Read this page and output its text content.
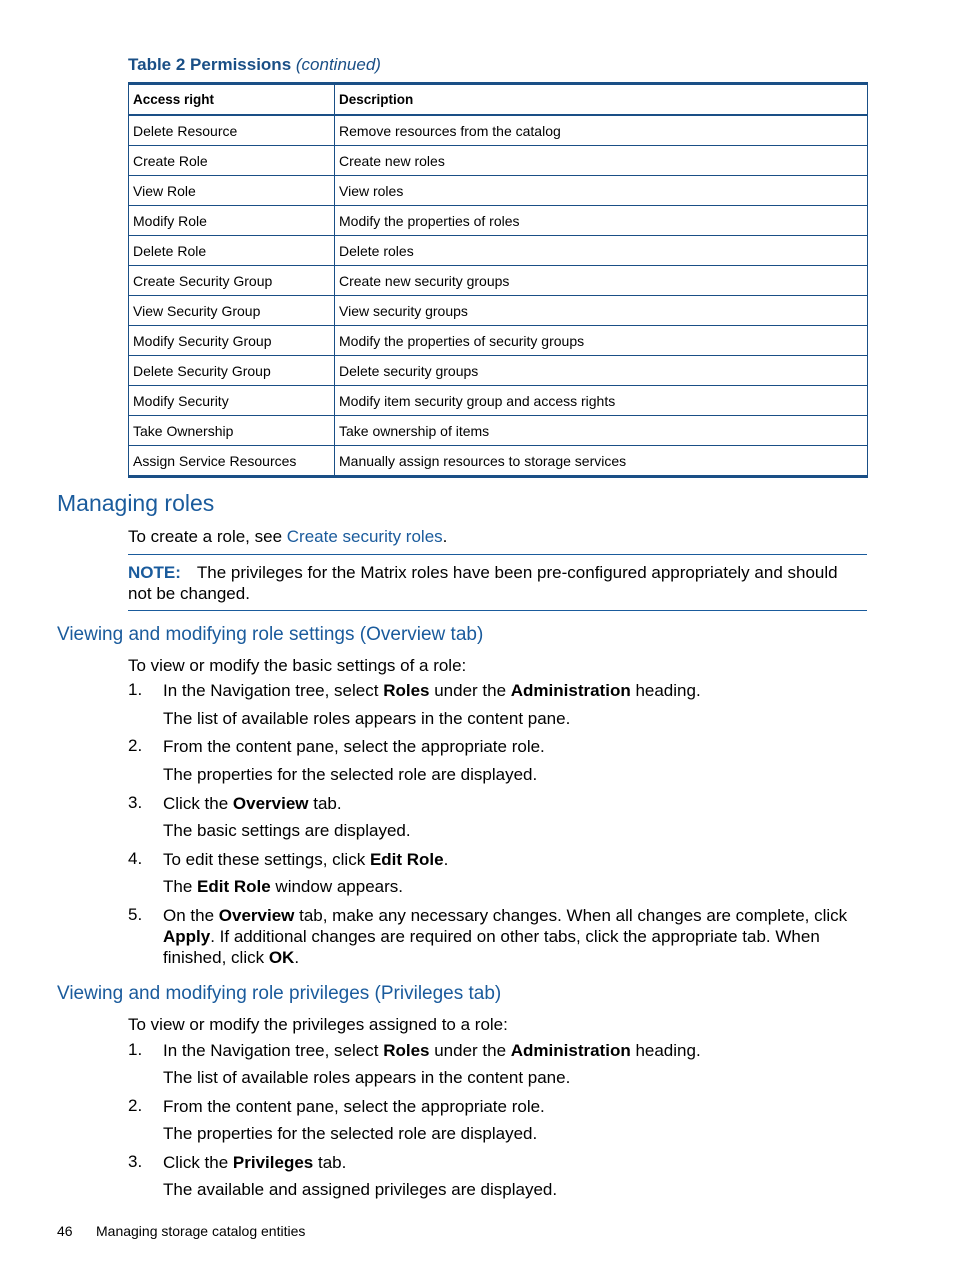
Table 2 Permissions (continued)
Access right	Description
Delete Resource	Remove resources from the catalog
Create Role	Create new roles
View Role	View roles
Modify Role	Modify the properties of roles
Delete Role	Delete roles
Create Security Group	Create new security groups
View Security Group	View security groups
Modify Security Group	Modify the properties of security groups
Delete Security Group	Delete security groups
Modify Security	Modify item security group and access rights
Take Ownership	Take ownership of items
Assign Service Resources	Manually assign resources to storage services
Managing roles
To create a role, see Create security roles.
NOTE: The privileges for the Matrix roles have been pre-configured appropriately and should not be changed.
Viewing and modifying role settings (Overview tab)
To view or modify the basic settings of a role:
1. In the Navigation tree, select Roles under the Administration heading.
The list of available roles appears in the content pane.
2. From the content pane, select the appropriate role.
The properties for the selected role are displayed.
3. Click the Overview tab.
The basic settings are displayed.
4. To edit these settings, click Edit Role.
The Edit Role window appears.
5. On the Overview tab, make any necessary changes. When all changes are complete, click Apply. If additional changes are required on other tabs, click the appropriate tab. When finished, click OK.
Viewing and modifying role privileges (Privileges tab)
To view or modify the privileges assigned to a role:
1. In the Navigation tree, select Roles under the Administration heading.
The list of available roles appears in the content pane.
2. From the content pane, select the appropriate role.
The properties for the selected role are displayed.
3. Click the Privileges tab.
The available and assigned privileges are displayed.
46 Managing storage catalog entities
